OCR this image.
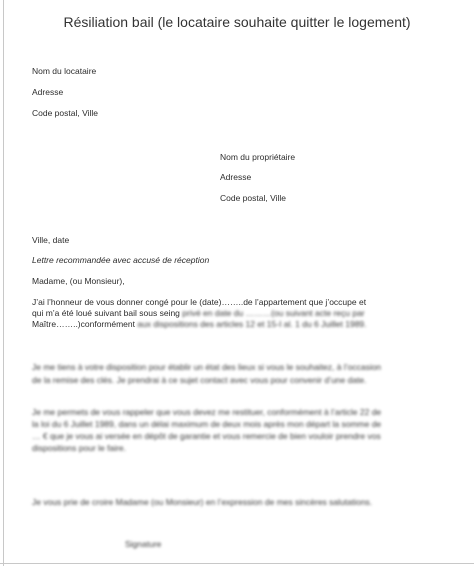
Résiliation bail (le locataire souhaite quitter le logement)
Nom du locataire
Adresse
Code postal, Ville
Nom du propriétaire
Adresse
Code postal, Ville
Ville, date
Lettre recommandée avec accusé de réception
Madame, (ou Monsieur),
J’ai l’honneur de vous donner congé pour le (date)……..de l’appartement que j’occupe et
qui m’a été loué suivant bail sous seing privé en date du ………(ou suivant acte reçu par
Maître……..)conformément aux dispositions des articles 12 et 15-I al. 1 du 6 Juillet 1989.
Je me tiens à votre disposition pour établir un état des lieux si vous le souhaitez, à l’occasion
de la remise des clés. Je prendrai à ce sujet contact avec vous pour convenir d’une date.
Je me permets de vous rappeler que vous devez me restituer, conformément à l’article 22 de
la loi du 6 Juillet 1989, dans un délai maximum de deux mois après mon départ la somme de
… € que je vous ai versée en dépôt de garantie et vous remercie de bien vouloir prendre vos
dispositions pour le faire.
Je vous prie de croire Madame (ou Monsieur) en l’expression de mes sincères salutations.
Signature
